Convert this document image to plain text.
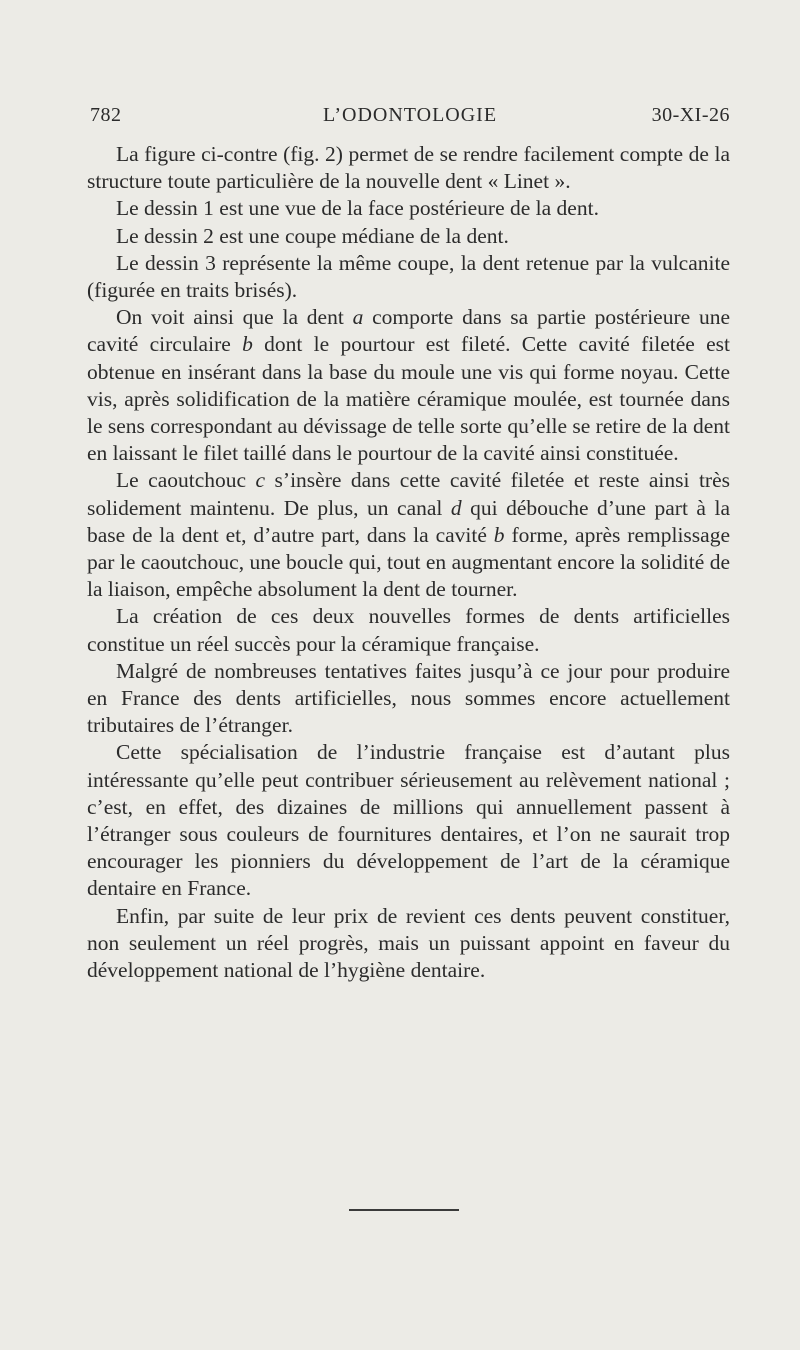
782	L’ODONTOLOGIE	30-XI-26

La figure ci-contre (fig. 2) permet de se rendre facilement compte de la structure toute particulière de la nouvelle dent « Linet ».

Le dessin 1 est une vue de la face postérieure de la dent.

Le dessin 2 est une coupe médiane de la dent.

Le dessin 3 représente la même coupe, la dent retenue par la vulcanite (figurée en traits brisés).

On voit ainsi que la dent a comporte dans sa partie postérieure une cavité circulaire b dont le pourtour est fileté. Cette cavité filetée est obtenue en insérant dans la base du moule une vis qui forme noyau. Cette vis, après solidification de la matière céramique moulée, est tournée dans le sens correspondant au dévissage de telle sorte qu’elle se retire de la dent en laissant le filet taillé dans le pourtour de la cavité ainsi constituée.

Le caoutchouc c s’insère dans cette cavité filetée et reste ainsi très solidement maintenu. De plus, un canal d qui débouche d’une part à la base de la dent et, d’autre part, dans la cavité b forme, après remplissage par le caoutchouc, une boucle qui, tout en augmentant encore la solidité de la liaison, empêche absolument la dent de tourner.

La création de ces deux nouvelles formes de dents artificielles constitue un réel succès pour la céramique française.

Malgré de nombreuses tentatives faites jusqu’à ce jour pour produire en France des dents artificielles, nous sommes encore actuellement tributaires de l’étranger.

Cette spécialisation de l’industrie française est d’autant plus intéressante qu’elle peut contribuer sérieusement au relèvement national ; c’est, en effet, des dizaines de millions qui annuellement passent à l’étranger sous couleurs de fournitures dentaires, et l’on ne saurait trop encourager les pionniers du développement de l’art de la céramique dentaire en France.

Enfin, par suite de leur prix de revient ces dents peuvent constituer, non seulement un réel progrès, mais un puissant appoint en faveur du développement national de l’hygiène dentaire.
